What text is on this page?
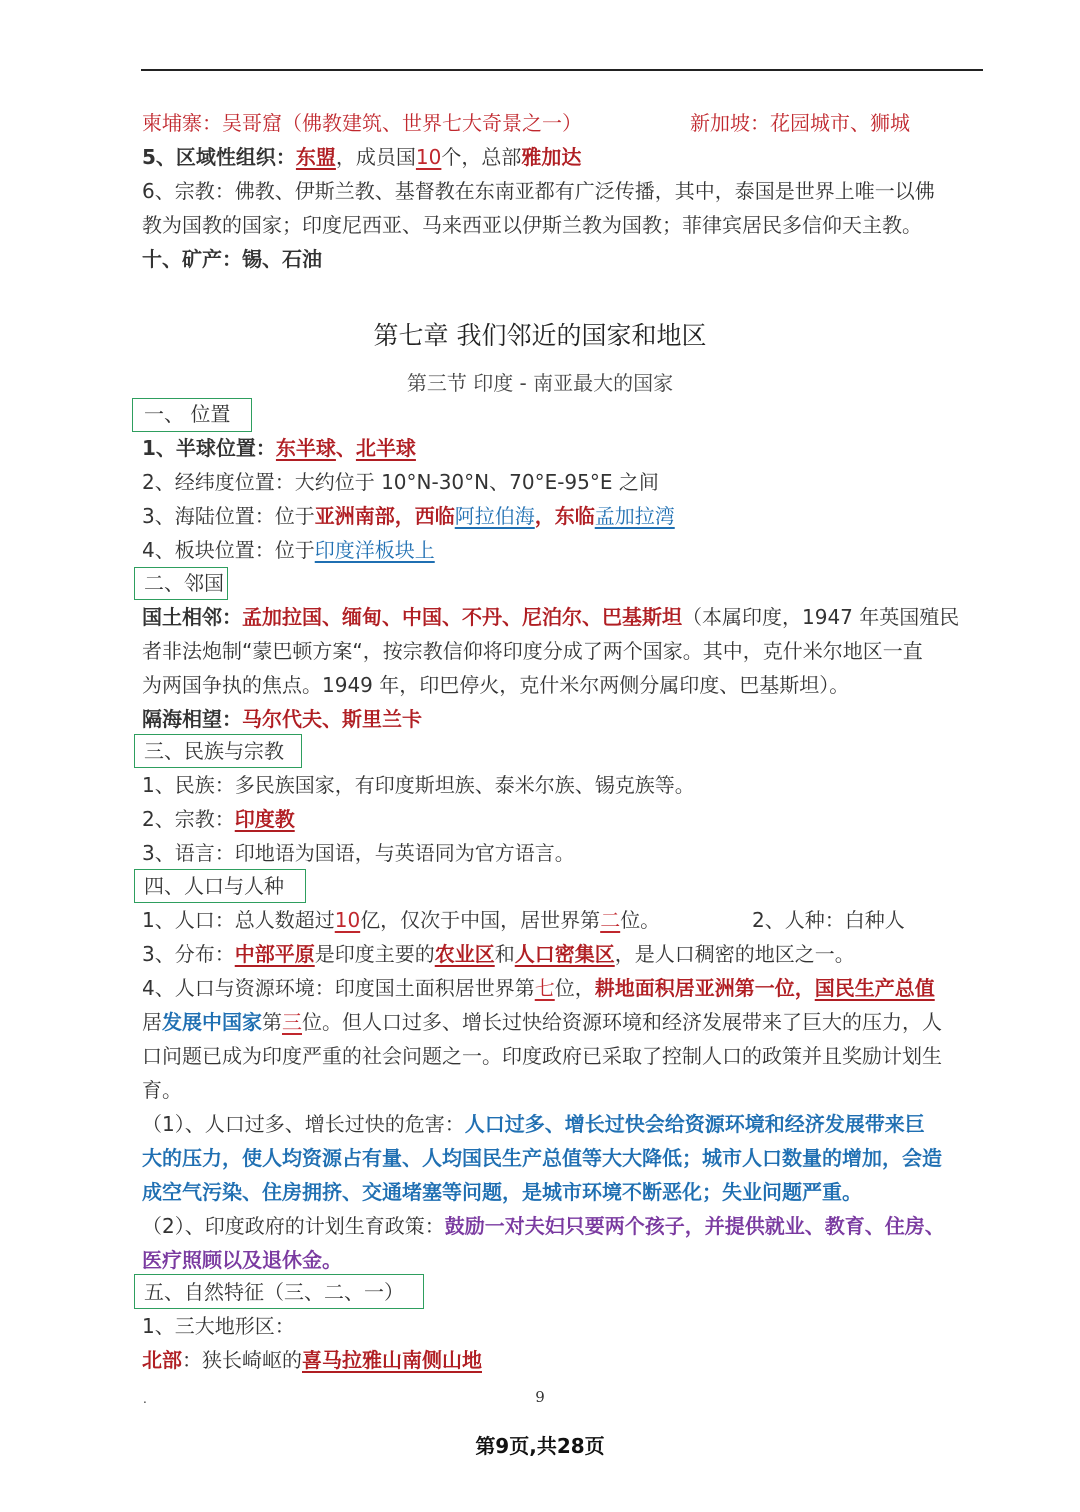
柬埔寨：吴哥窟（佛教建筑、世界七大奇景之一）	新加坡：花园城市、狮城
5、区域性组织：东盟，成员国10个，总部雅加达
6、宗教：佛教、伊斯兰教、基督教在东南亚都有广泛传播，其中，泰国是世界上唯一以佛
教为国教的国家；印度尼西亚、马来西亚以伊斯兰教为国教；菲律宾居民多信仰天主教。
十、矿产：锡、石油
第七章 我们邻近的国家和地区
第三节 印度 - 南亚最大的国家
一、 位置
1、半球位置：东半球、北半球
2、经纬度位置：大约位于 10°N-30°N、70°E-95°E 之间
3、海陆位置：位于亚洲南部，西临阿拉伯海，东临孟加拉湾
4、板块位置：位于印度洋板块上
二、邻国
国土相邻：孟加拉国、缅甸、中国、不丹、尼泊尔、巴基斯坦（本属印度，1947 年英国殖民
者非法炮制“蒙巴顿方案“，按宗教信仰将印度分成了两个国家。其中，克什米尔地区一直
为两国争执的焦点。1949 年，印巴停火，克什米尔两侧分属印度、巴基斯坦）。
隔海相望：马尔代夫、斯里兰卡
三、民族与宗教
1、民族：多民族国家，有印度斯坦族、泰米尔族、锡克族等。
2、宗教：印度教
3、语言：印地语为国语，与英语同为官方语言。
四、人口与人种
1、人口：总人数超过10亿，仅次于中国，居世界第二位。	2、人种：白种人
3、分布：中部平原是印度主要的农业区和人口密集区，是人口稠密的地区之一。
4、人口与资源环境：印度国土面积居世界第七位，耕地面积居亚洲第一位，国民生产总值
居发展中国家第三位。但人口过多、增长过快给资源环境和经济发展带来了巨大的压力，人
口问题已成为印度严重的社会问题之一。印度政府已采取了控制人口的政策并且奖励计划生
育。
（1）、人口过多、增长过快的危害：人口过多、增长过快会给资源环境和经济发展带来巨
大的压力，使人均资源占有量、人均国民生产总值等大大降低；城市人口数量的增加，会造
成空气污染、住房拥挤、交通堵塞等问题，是城市环境不断恶化；失业问题严重。
（2）、印度政府的计划生育政策：鼓励一对夫妇只要两个孩子，并提供就业、教育、住房、
医疗照顾以及退休金。
五、自然特征（三、二、一）
1、三大地形区：
北部：狭长崎岖的喜马拉雅山南侧山地
.	9
第9页,共28页
